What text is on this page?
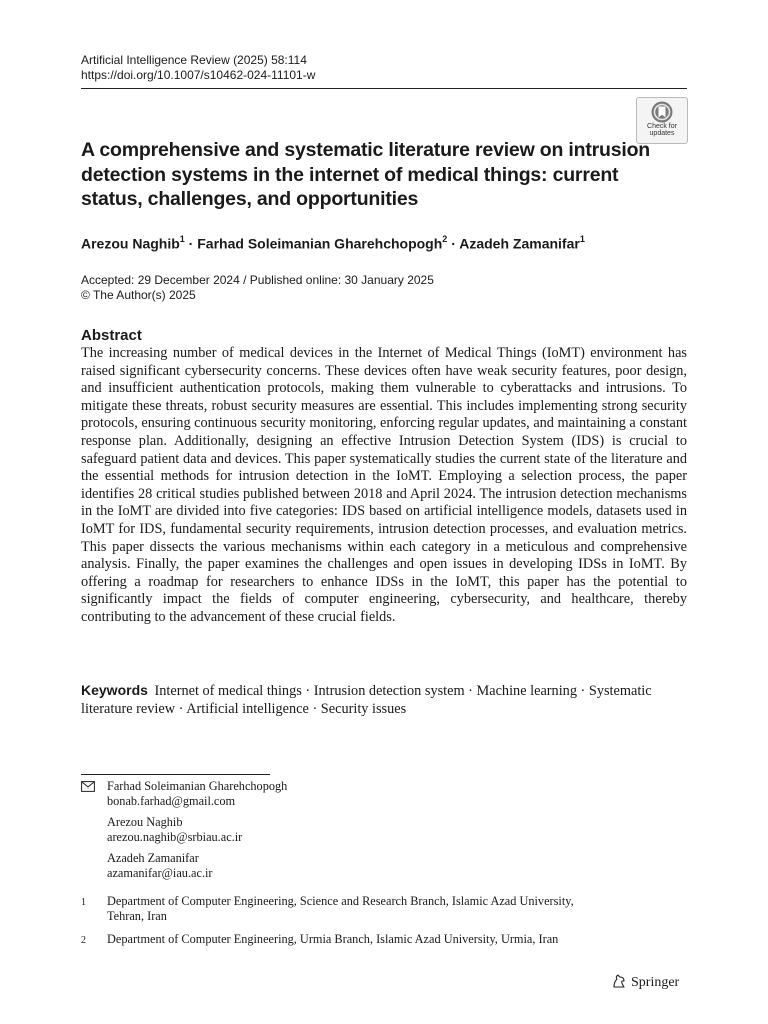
Artificial Intelligence Review (2025) 58:114
https://doi.org/10.1007/s10462-024-11101-w
Check for
updates
A comprehensive and systematic literature review on intrusion detection systems in the internet of medical things: current status, challenges, and opportunities
Arezou Naghib$^1$ · Farhad Soleimanian Gharehchopogh$^2$ · Azadeh Zamanifar$^1$
Accepted: 29 December 2024 / Published online: 30 January 2025
© The Author(s) 2025
Abstract

The increasing number of medical devices in the Internet of Medical Things (IoMT) environment has raised significant cybersecurity concerns. These devices often have weak security features, poor design, and insufficient authentication protocols, making them vulnerable to cyberattacks and intrusions. To mitigate these threats, robust security measures are essential. This includes implementing strong security protocols, ensuring continuous security monitoring, enforcing regular updates, and maintaining a constant response plan. Additionally, designing an effective Intrusion Detection System (IDS) is crucial to safeguard patient data and devices. This paper systematically studies the current state of the literature and the essential methods for intrusion detection in the IoMT. Employing a selection process, the paper identifies 28 critical studies published between 2018 and April 2024. The intrusion detection mechanisms in the IoMT are divided into five categories: IDS based on artificial intelligence models, datasets used in IoMT for IDS, fundamental security requirements, intrusion detection processes, and evaluation metrics. This paper dissects the various mechanisms within each category in a meticulous and comprehensive analysis. Finally, the paper examines the challenges and open issues in developing IDSs in IoMT. By offering a roadmap for researchers to enhance IDSs in the IoMT, this paper has the potential to significantly impact the fields of computer engineering, cybersecurity, and healthcare, thereby contributing to the advancement of these crucial fields.

Keywords Internet of medical things · Intrusion detection system · Machine learning · Systematic literature review · Artificial intelligence · Security issues
Farhad Soleimanian Gharehchopogh
bonab.farhad@gmail.com
Arezou Naghib
arezou.naghib@srbiau.ac.ir
Azadeh Zamanifar
azamanifar@iau.ac.ir
1 Department of Computer Engineering, Science and Research Branch, Islamic Azad University,
Tehran, Iran
2 Department of Computer Engineering, Urmia Branch, Islamic Azad University, Urmia, Iran
Springer
